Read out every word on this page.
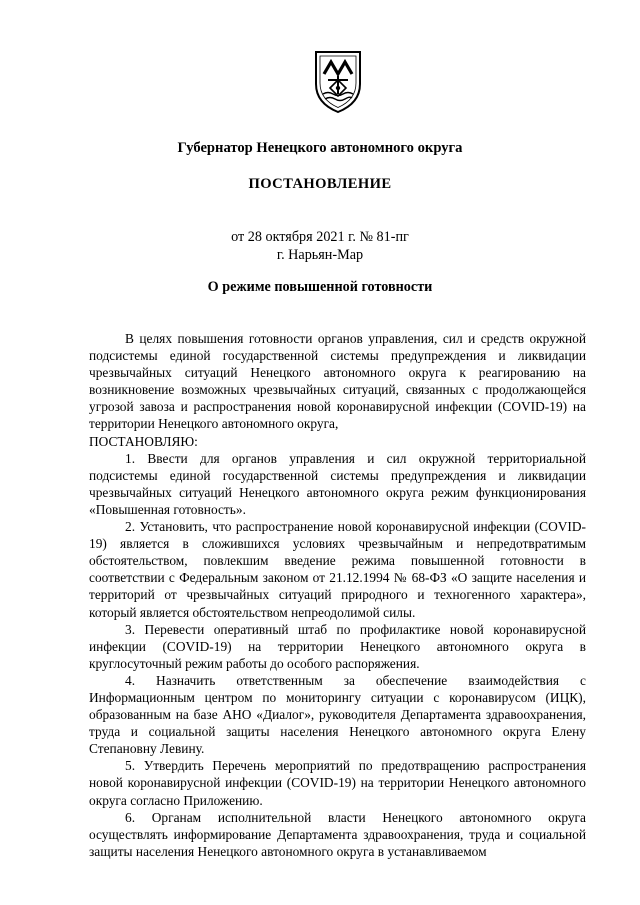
Губернатор Ненецкого автономного округа
ПОСТАНОВЛЕНИЕ
от 28 октября 2021 г. № 81-пг
г. Нарьян-Мар
О режиме повышенной готовности

В целях повышения готовности органов управления, сил и средств окружной подсистемы единой государственной системы предупреждения и ликвидации чрезвычайных ситуаций Ненецкого автономного округа к реагированию на возникновение возможных чрезвычайных ситуаций, связанных с продолжающейся угрозой завоза и распространения новой коронавирусной инфекции (COVID-19) на территории Ненецкого автономного округа,

ПОСТАНОВЛЯЮ:

1. Ввести для органов управления и сил окружной территориальной подсистемы единой государственной системы предупреждения и ликвидации чрезвычайных ситуаций Ненецкого автономного округа режим функционирования «Повышенная готовность».

2. Установить, что распространение новой коронавирусной инфекции (COVID-19) является в сложившихся условиях чрезвычайным и непредотвратимым обстоятельством, повлекшим введение режима повышенной готовности в соответствии с Федеральным законом от 21.12.1994 № 68-ФЗ «О защите населения и территорий от чрезвычайных ситуаций природного и техногенного характера», который является обстоятельством непреодолимой силы.

3. Перевести оперативный штаб по профилактике новой коронавирусной инфекции (COVID-19) на территории Ненецкого автономного округа в круглосуточный режим работы до особого распоряжения.

4. Назначить ответственным за обеспечение взаимодействия с Информационным центром по мониторингу ситуации с коронавирусом (ИЦК), образованным на базе АНО «Диалог», руководителя Департамента здравоохранения, труда и социальной защиты населения Ненецкого автономного округа Елену Степановну Левину.

5. Утвердить Перечень мероприятий по предотвращению распространения новой коронавирусной инфекции (COVID-19) на территории Ненецкого автономного округа согласно Приложению.

6. Органам исполнительной власти Ненецкого автономного округа осуществлять информирование Департамента здравоохранения, труда и социальной защиты населения Ненецкого автономного округа в устанавливаемом
